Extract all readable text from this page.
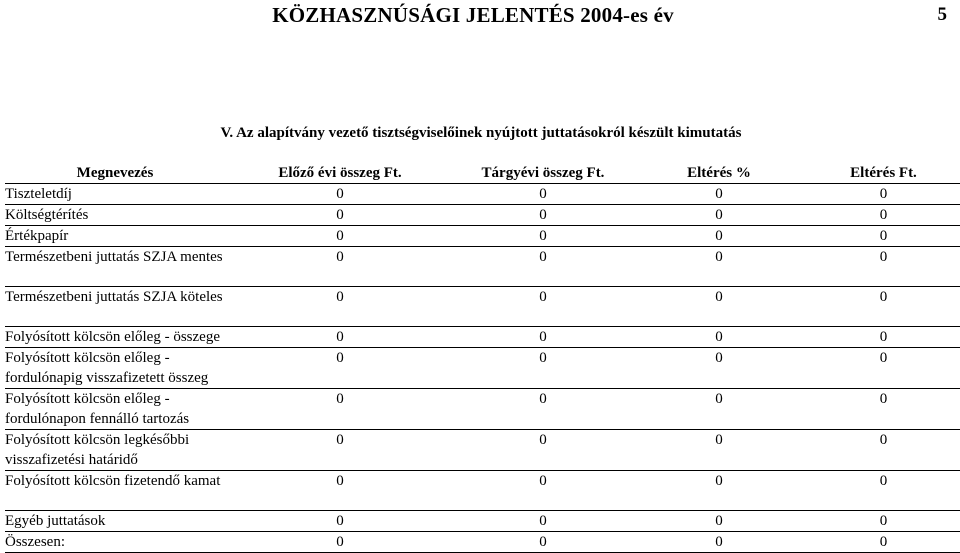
KÖZHASZNÚSÁGI JELENTÉS 2004-es év	5
V. Az alapítvány vezető tisztségviselőinek nyújtott juttatásokról készült kimutatás
Megnevezés	Előző évi összeg Ft.	Tárgyévi összeg Ft.	Eltérés %	Eltérés Ft.
Tiszteletdíj	0	0	0	0
Költségtérítés	0	0	0	0
Értékpapír	0	0	0	0
Természetbeni juttatás SZJA mentes	0	0	0	0
Természetbeni juttatás SZJA köteles	0	0	0	0
Folyósított kölcsön előleg - összege	0	0	0	0
Folyósított kölcsön előleg - fordulónapig visszafizetett összeg	0	0	0	0
Folyósított kölcsön előleg - fordulónapon fennálló tartozás	0	0	0	0
Folyósított kölcsön legkésőbbi visszafizetési határidő	0	0	0	0
Folyósított kölcsön fizetendő kamat	0	0	0	0
Egyéb juttatások	0	0	0	0
Összesen:	0	0	0	0
